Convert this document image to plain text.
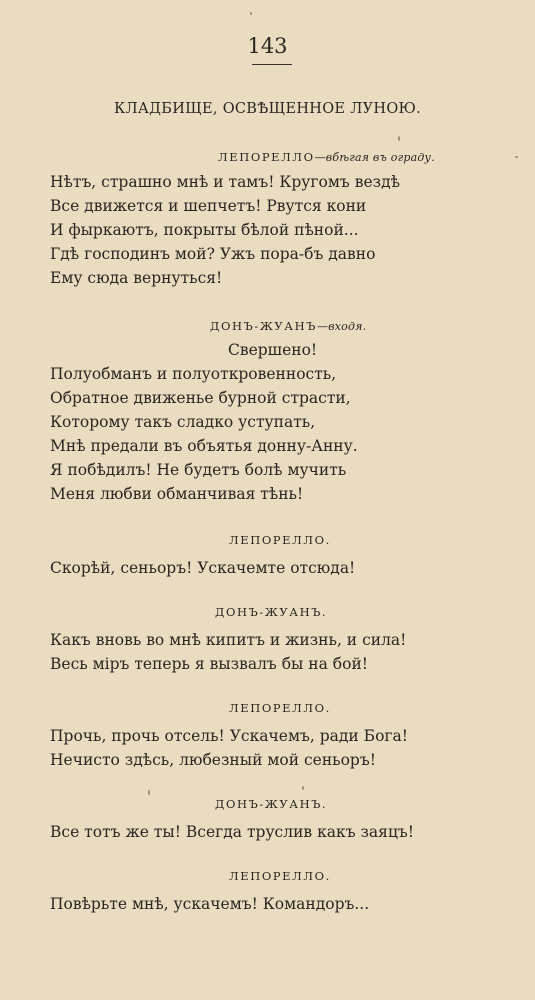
143
КЛАДБИЩЕ, ОСВѢЩЕННОЕ ЛУНОЮ.
ЛЕПОРЕЛЛО—вбѣгая въ ограду.
Нѣтъ, страшно мнѣ и тамъ! Кругомъ вездѣ
Все движется и шепчетъ! Рвутся кони
И фыркаютъ, покрыты бѣлой пѣной...
Гдѣ господинъ мой? Ужъ пора-бъ давно
Ему сюда вернуться!
ДОНЪ-ЖУАНЪ—входя.
Свершено!
Полуобманъ и полуоткровенность,
Обратное движенье бурной страсти,
Которому такъ сладко уступать,
Мнѣ предали въ объятья донну-Анну.
Я побѣдилъ! Не будетъ болѣ мучить
Меня любви обманчивая тѣнь!
ЛЕПОРЕЛЛО.
Скорѣй, сеньоръ! Ускачемте отсюда!
ДОНЪ-ЖУАНЪ.
Какъ вновь во мнѣ кипитъ и жизнь, и сила!
Весь міръ теперь я вызвалъ бы на бой!
ЛЕПОРЕЛЛО.
Прочь, прочь отсель! Ускачемъ, ради Бога!
Нечисто здѣсь, любезный мой сеньоръ!
ДОНЪ-ЖУАНЪ.
Все тотъ же ты! Всегда труслив какъ заяцъ!
ЛЕПОРЕЛЛО.
Повѣрьте мнѣ, ускачемъ! Командоръ...
